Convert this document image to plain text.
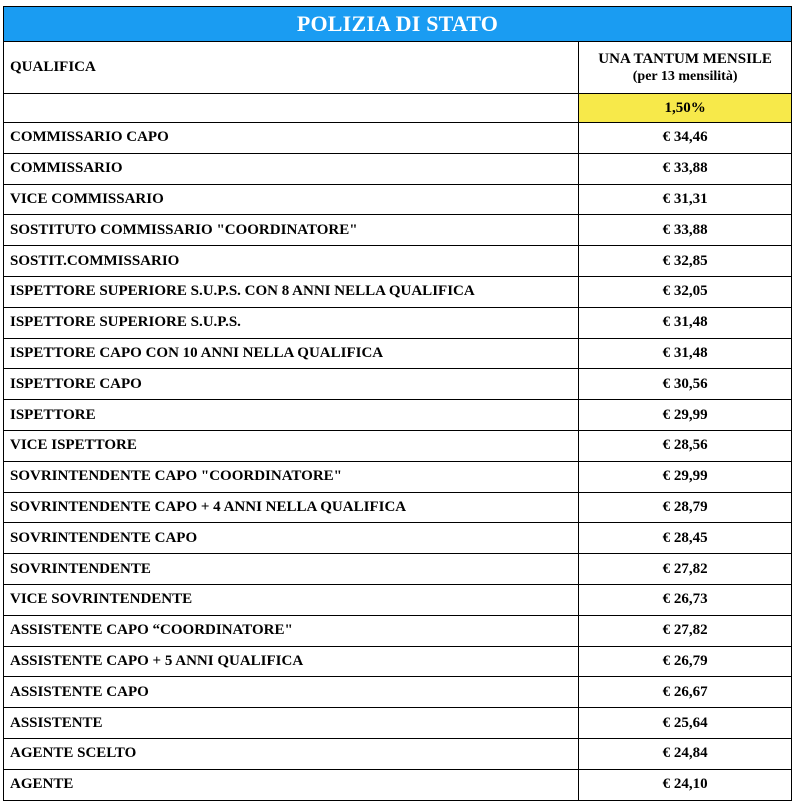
POLIZIA DI STATO	
QUALIFICA	UNA TANTUM MENSILE
(per 13 mensilità)

	1,50%
COMMISSARIO CAPO	€ 34,46
COMMISSARIO	€ 33,88
VICE COMMISSARIO	€ 31,31
SOSTITUTO COMMISSARIO "COORDINATORE"	€ 33,88
SOSTIT.COMMISSARIO	€ 32,85
ISPETTORE SUPERIORE S.U.P.S. CON 8 ANNI NELLA QUALIFICA	€ 32,05
ISPETTORE SUPERIORE S.U.P.S.	€ 31,48
ISPETTORE CAPO CON 10 ANNI NELLA QUALIFICA	€ 31,48
ISPETTORE CAPO	€ 30,56
ISPETTORE	€ 29,99
VICE ISPETTORE	€ 28,56
SOVRINTENDENTE CAPO "COORDINATORE"	€ 29,99
SOVRINTENDENTE CAPO + 4 ANNI NELLA QUALIFICA	€ 28,79
SOVRINTENDENTE CAPO	€ 28,45
SOVRINTENDENTE	€ 27,82
VICE SOVRINTENDENTE	€ 26,73
ASSISTENTE CAPO “COORDINATORE"	€ 27,82
ASSISTENTE CAPO + 5 ANNI QUALIFICA	€ 26,79
ASSISTENTE CAPO	€ 26,67
ASSISTENTE	€ 25,64
AGENTE SCELTO	€ 24,84
AGENTE	€ 24,10
